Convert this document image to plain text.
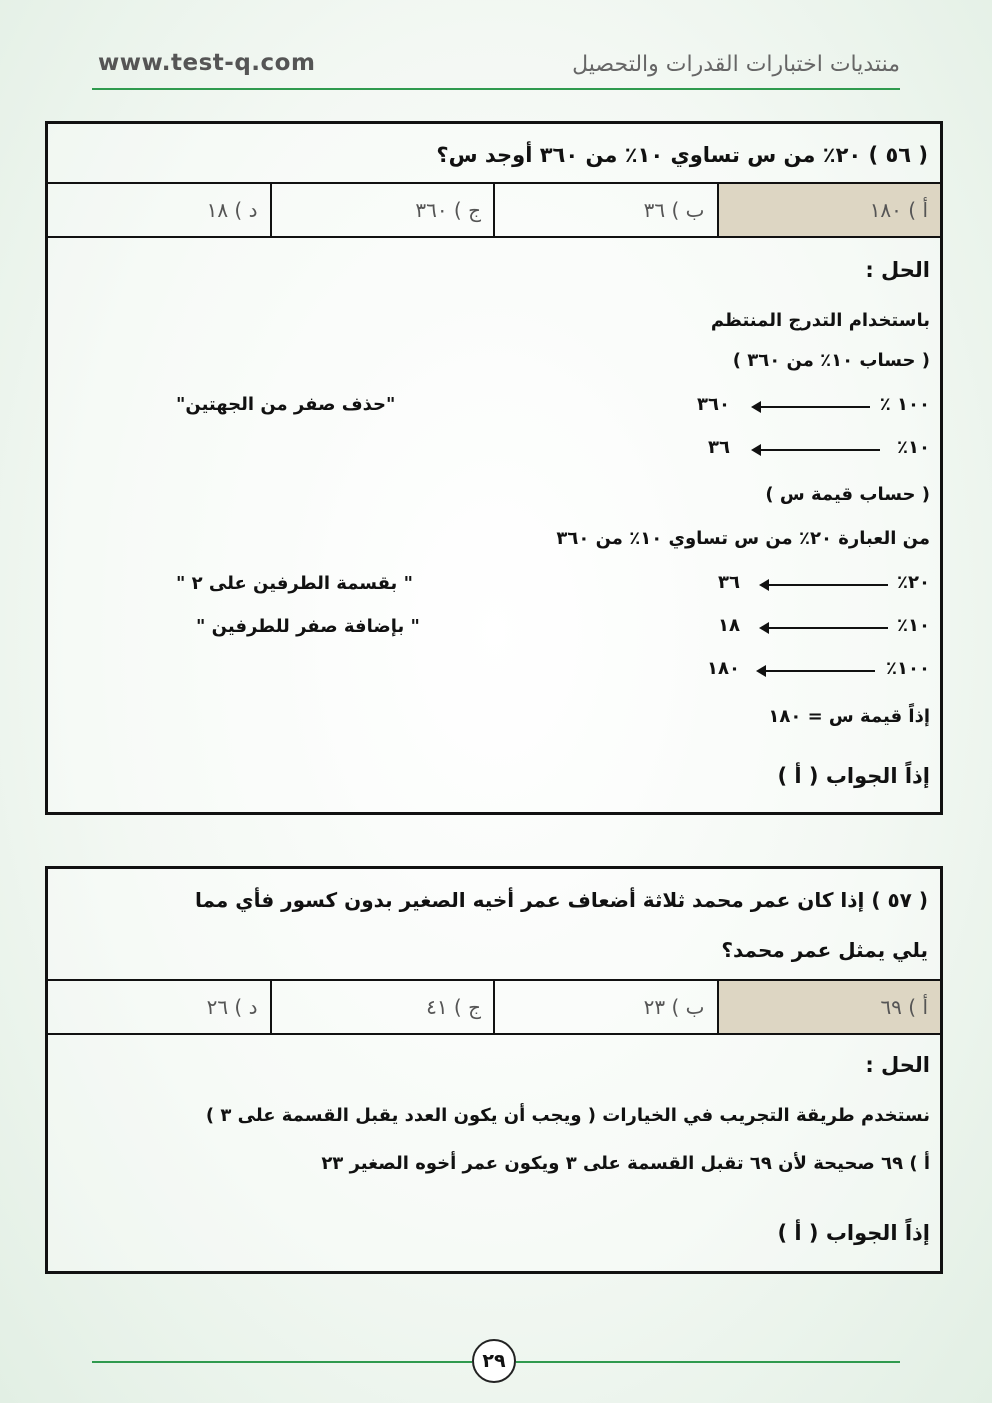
www.test-q.com	منتديات اختبارات القدرات والتحصيل
( ٥٦ ) ٢٠٪ من س تساوي ١٠٪ من ٣٦٠ أوجد س؟
أ ) ١٨٠
ب ) ٣٦
ج ) ٣٦٠
د ) ١٨
الحل :
باستخدام التدرج المنتظم
( حساب ١٠٪ من ٣٦٠ )
١٠٠ ٪
٣٦٠
"حذف صفر من الجهتين"
١٠٪
٣٦
( حساب قيمة س )
من العبارة ٢٠٪ من س تساوي ١٠٪ من ٣٦٠
٢٠٪
٣٦
" بقسمة الطرفين على ٢ "
١٠٪
١٨
" بإضافة صفر للطرفين "
١٠٠٪
١٨٠
إذاً قيمة س = ١٨٠
إذاً الجواب ( أ )
( ٥٧ ) إذا كان عمر محمد ثلاثة أضعاف عمر أخيه الصغير بدون كسور فأي مما
يلي يمثل عمر محمد؟
أ ) ٦٩
ب ) ٢٣
ج ) ٤١
د ) ٢٦
الحل :
نستخدم طريقة التجريب في الخيارات ( ويجب أن يكون العدد يقبل القسمة على ٣ )
أ ) ٦٩ صحيحة لأن ٦٩ تقبل القسمة على ٣ ويكون عمر أخوه الصغير ٢٣
إذاً الجواب ( أ )
٢٩
